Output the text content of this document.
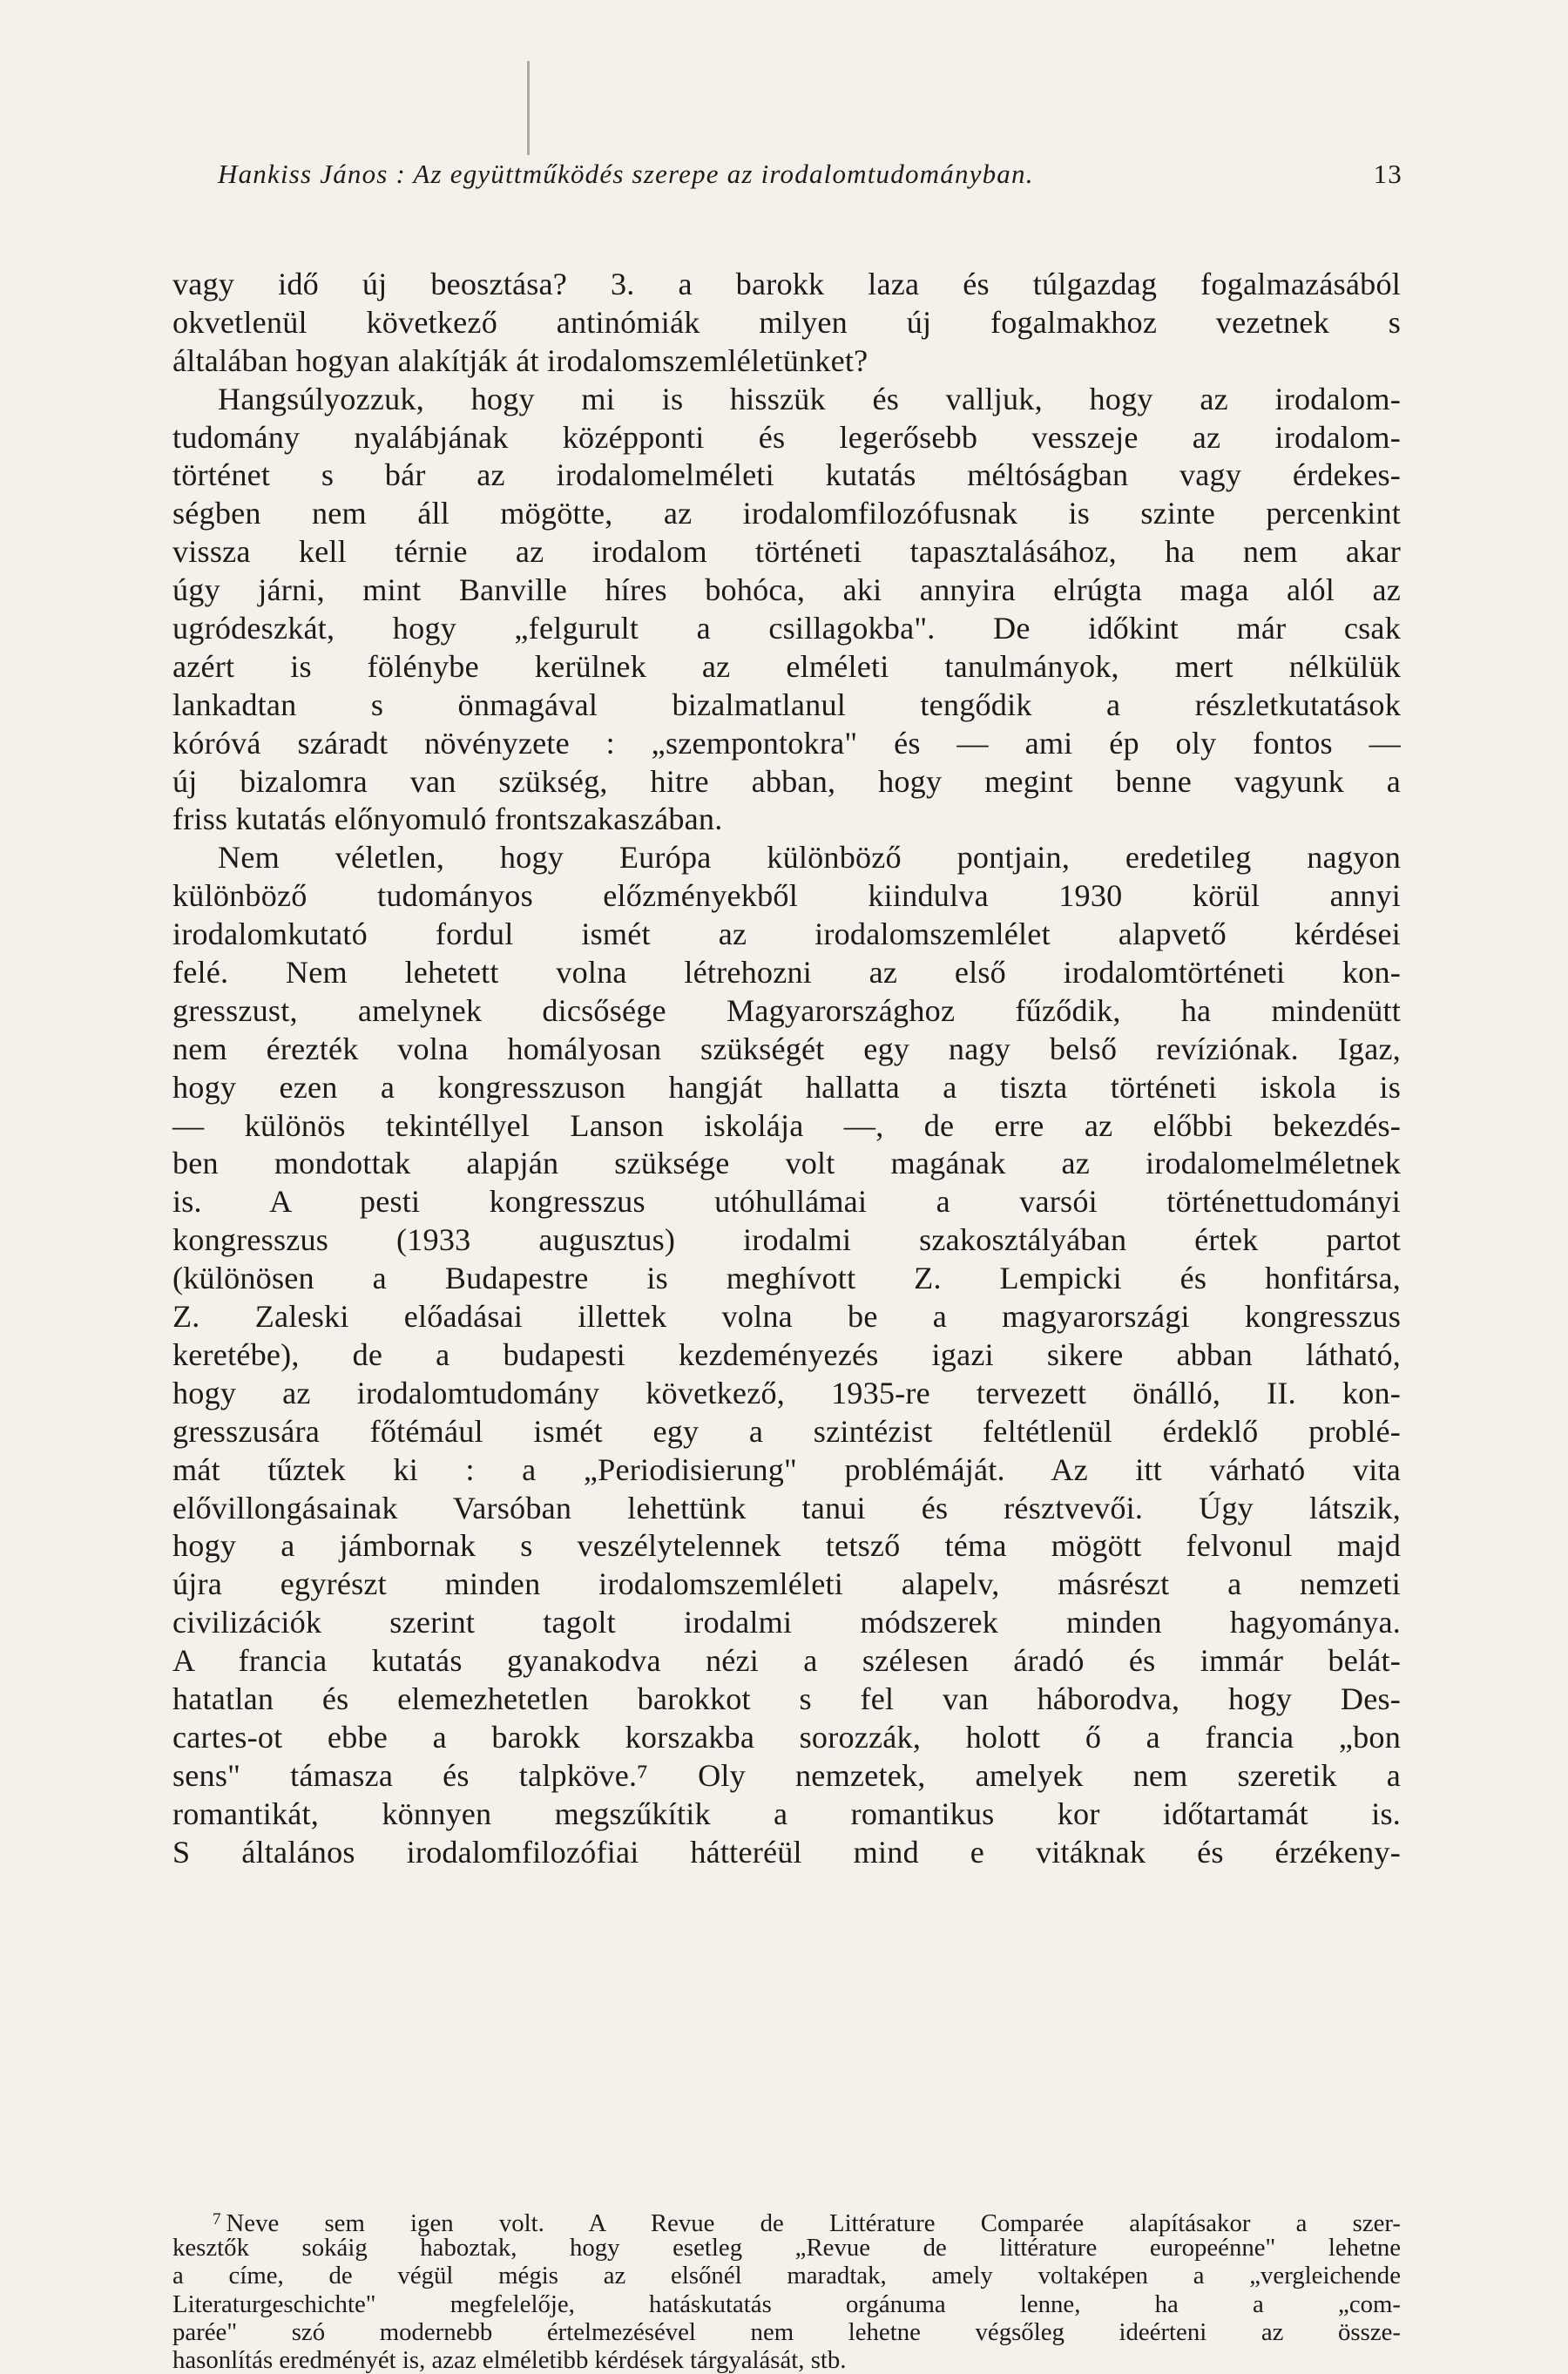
Hankiss János : Az együttműködés szerepe az irodalomtudományban.	13
vagy idő új beosztása? 3. a barokk laza és túlgazdag fogalmazásából
okvetlenül következő antinómiák milyen új fogalmakhoz vezetnek s
általában hogyan alakítják át irodalomszemléletünket?
Hangsúlyozzuk, hogy mi is hisszük és valljuk, hogy az irodalom-
tudomány nyalábjának középponti és legerősebb vesszeje az irodalom-
történet s bár az irodalomelméleti kutatás méltóságban vagy érdekes-
ségben nem áll mögötte, az irodalomfilozófusnak is szinte percenkint
vissza kell térnie az irodalom történeti tapasztalásához, ha nem akar
úgy járni, mint Banville híres bohóca, aki annyira elrúgta maga alól az
ugródeszkát, hogy „felgurult a csillagokba". De időkint már csak
azért is fölénybe kerülnek az elméleti tanulmányok, mert nélkülük
lankadtan s önmagával bizalmatlanul tengődik a részletkutatások
kóróvá száradt növényzete : „szempontokra" és — ami ép oly fontos —
új bizalomra van szükség, hitre abban, hogy megint benne vagyunk a
friss kutatás előnyomuló frontszakaszában.
Nem véletlen, hogy Európa különböző pontjain, eredetileg nagyon
különböző tudományos előzményekből kiindulva 1930 körül annyi
irodalomkutató fordul ismét az irodalomszemlélet alapvető kérdései
felé. Nem lehetett volna létrehozni az első irodalomtörténeti kon-
gresszust, amelynek dicsősége Magyarországhoz fűződik, ha mindenütt
nem érezték volna homályosan szükségét egy nagy belső revíziónak. Igaz,
hogy ezen a kongresszuson hangját hallatta a tiszta történeti iskola is
— különös tekintéllyel Lanson iskolája —, de erre az előbbi bekezdés-
ben mondottak alapján szüksége volt magának az irodalomelméletnek
is. A pesti kongresszus utóhullámai a varsói történettudományi
kongresszus (1933 augusztus) irodalmi szakosztályában értek partot
(különösen a Budapestre is meghívott Z. Lempicki és honfitársa,
Z. Zaleski előadásai illettek volna be a magyarországi kongresszus
keretébe), de a budapesti kezdeményezés igazi sikere abban látható,
hogy az irodalomtudomány következő, 1935-re tervezett önálló, II. kon-
gresszusára főtémául ismét egy a szintézist feltétlenül érdeklő problé-
mát tűztek ki : a „Periodisierung" problémáját. Az itt várható vita
elővillongásainak Varsóban lehettünk tanui és résztvevői. Úgy látszik,
hogy a jámbornak s veszélytelennek tetsző téma mögött felvonul majd
újra egyrészt minden irodalomszemléleti alapelv, másrészt a nemzeti
civilizációk szerint tagolt irodalmi módszerek minden hagyománya.
A francia kutatás gyanakodva nézi a szélesen áradó és immár belát-
hatatlan és elemezhetetlen barokkot s fel van háborodva, hogy Des-
cartes-ot ebbe a barokk korszakba sorozzák, holott ő a francia „bon
sens" támasza és talpköve.⁷ Oly nemzetek, amelyek nem szeretik a
romantikát, könnyen megszűkítik a romantikus kor időtartamát is.
S általános irodalomfilozófiai hátteréül mind e vitáknak és érzékeny-
$^7$ Neve sem igen volt. A Revue de Littérature Comparée alapításakor a szer-
kesztők sokáig haboztak, hogy esetleg „Revue de littérature europeénne" lehetne
a címe, de végül mégis az elsőnél maradtak, amely voltaképen a „vergleichende
Literaturgeschichte" megfelelője, hatáskutatás orgánuma lenne, ha a „com-
parée" szó modernebb értelmezésével nem lehetne végsőleg ideérteni az össze-
hasonlítás eredményét is, azaz elméletibb kérdések tárgyalását, stb.
